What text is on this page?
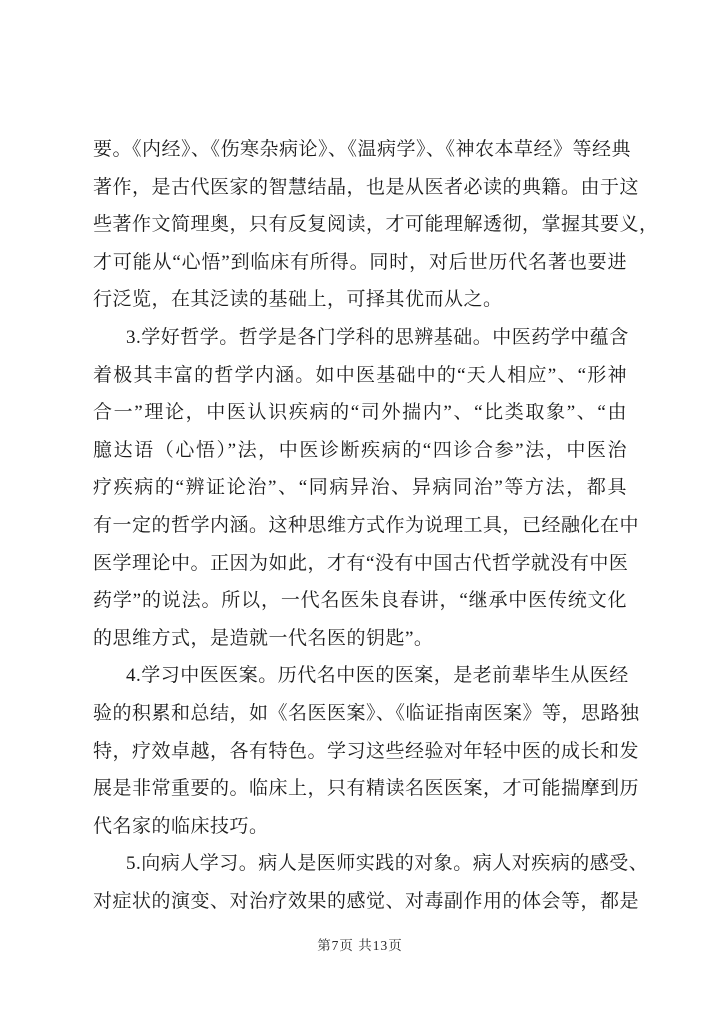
要。《内经》、《伤寒杂病论》、《温病学》、《神农本草经》等经典
著作，是古代医家的智慧结晶，也是从医者必读的典籍。由于这
些著作文简理奥，只有反复阅读，才可能理解透彻，掌握其要义，
才可能从“心悟”到临床有所得。同时，对后世历代名著也要进
行泛览，在其泛读的基础上，可择其优而从之。
3.学好哲学。哲学是各门学科的思辨基础。中医药学中蕴含
着极其丰富的哲学内涵。如中医基础中的“天人相应”、“形神
合一”理论，中医认识疾病的“司外揣内”、“比类取象”、“由
臆达语（心悟）”法，中医诊断疾病的“四诊合参”法，中医治
疗疾病的“辨证论治”、“同病异治、异病同治”等方法，都具
有一定的哲学内涵。这种思维方式作为说理工具，已经融化在中
医学理论中。正因为如此，才有“没有中国古代哲学就没有中医
药学”的说法。所以，一代名医朱良春讲，“继承中医传统文化
的思维方式，是造就一代名医的钥匙”。
4.学习中医医案。历代名中医的医案，是老前辈毕生从医经
验的积累和总结，如《名医医案》、《临证指南医案》等，思路独
特，疗效卓越，各有特色。学习这些经验对年轻中医的成长和发
展是非常重要的。临床上，只有精读名医医案，才可能揣摩到历
代名家的临床技巧。
5.向病人学习。病人是医师实践的对象。病人对疾病的感受、
对症状的演变、对治疗效果的感觉、对毒副作用的体会等，都是
第7页 共13页
